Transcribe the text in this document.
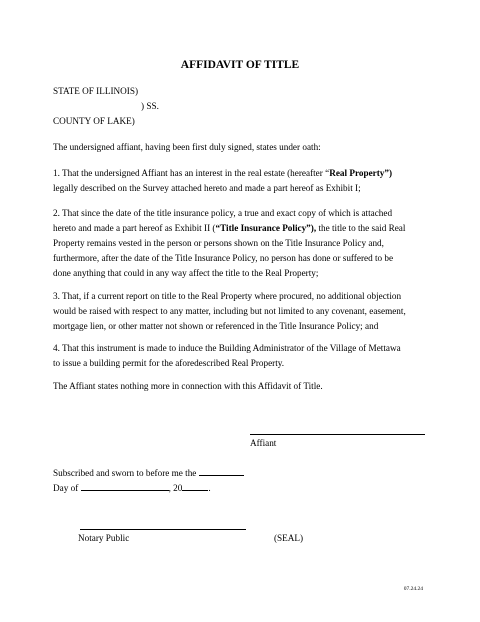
AFFIDAVIT OF TITLE
STATE OF ILLINOIS)
) SS.
COUNTY OF LAKE)
The undersigned affiant, having been first duly signed, states under oath:
1. That the undersigned Affiant has an interest in the real estate (hereafter “Real Property”)
legally described on the Survey attached hereto and made a part hereof as Exhibit I;
2. That since the date of the title insurance policy, a true and exact copy of which is attached
hereto and made a part hereof as Exhibit II (“Title Insurance Policy”), the title to the said Real
Property remains vested in the person or persons shown on the Title Insurance Policy and,
furthermore, after the date of the Title Insurance Policy, no person has done or suffered to be
done anything that could in any way affect the title to the Real Property;
3. That, if a current report on title to the Real Property where procured, no additional objection
would be raised with respect to any matter, including but not limited to any covenant, easement,
mortgage lien, or other matter not shown or referenced in the Title Insurance Policy; and
4. That this instrument is made to induce the Building Administrator of the Village of Mettawa
to issue a building permit for the aforedescribed Real Property.
The Affiant states nothing more in connection with this Affidavit of Title.
Affiant
Subscribed and sworn to before me the
Day of	, 20	.
Notary Public	(SEAL)
07.24.24
